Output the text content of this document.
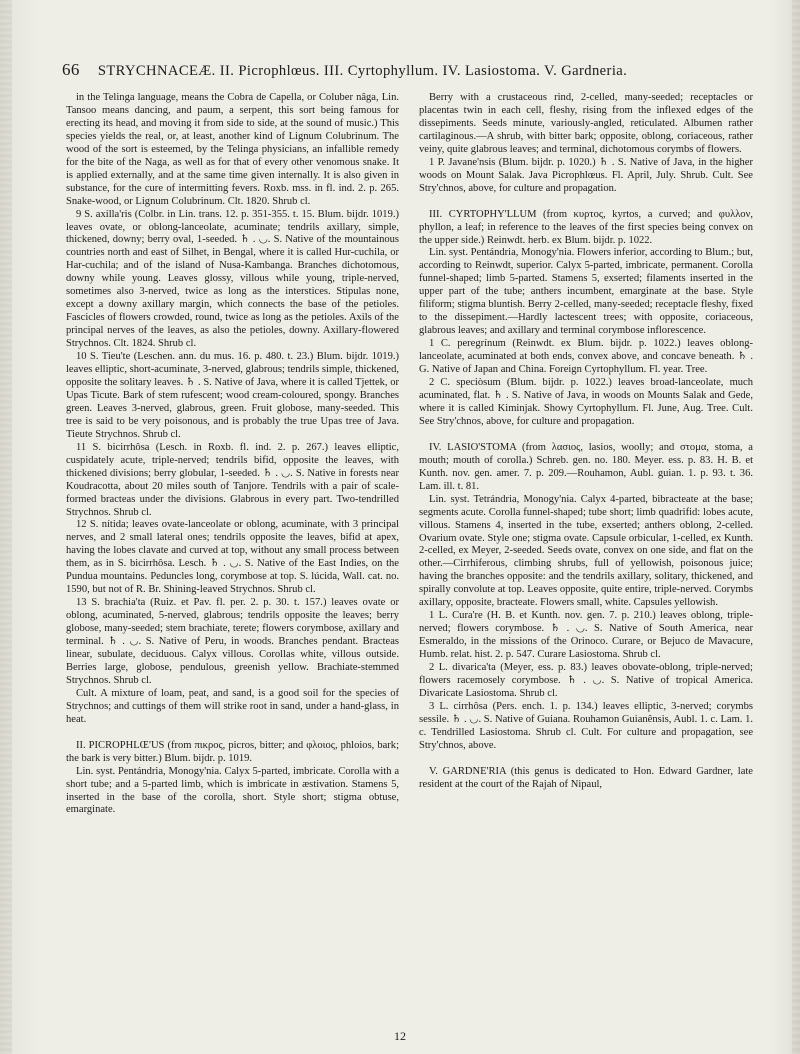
66 STRYCHNACEÆ. II. Picrophlœus. III. Cyrtophyllum. IV. Lasiostoma. V. Gardneria.

in the Telinga language, means the Cobra de Capella, or Coluber nâga, Lin. Tansoo means dancing, and paum, a serpent, this sort being famous for erecting its head, and moving it from side to side, at the sound of music.) This species yields the real, or, at least, another kind of Lignum Colubrinum. The wood of the sort is esteemed, by the Telinga physicians, an infallible remedy for the bite of the Naga, as well as for that of every other venomous snake. It is applied externally, and at the same time given internally. It is also given in substance, for the cure of intermitting fevers. Roxb. mss. in fl. ind. 2. p. 265. Snake-wood, or Lignum Colubrinum. Clt. 1820. Shrub cl.

9 S. axilla'ris (Colbr. in Lin. trans. 12. p. 351-355. t. 15. Blum. bijdr. 1019.) leaves ovate, or oblong-lanceolate, acuminate; tendrils axillary, simple, thickened, downy; berry oval, 1-seeded. ♄ . ◡. S. Native of the mountainous countries north and east of Silhet, in Bengal, where it is called Hur-cuchila, or Har-cuchila; and of the island of Nusa-Kambanga. Branches dichotomous, downy while young. Leaves glossy, villous while young, triple-nerved, sometimes also 3-nerved, twice as long as the interstices. Stipulas none, except a downy axillary margin, which connects the base of the petioles. Fascicles of flowers crowded, round, twice as long as the petioles. Axils of the principal nerves of the leaves, as also the petioles, downy. Axillary-flowered Strychnos. Clt. 1824. Shrub cl.

10 S. Tieu'te (Leschen. ann. du mus. 16. p. 480. t. 23.) Blum. bijdr. 1019.) leaves elliptic, short-acuminate, 3-nerved, glabrous; tendrils simple, thickened, opposite the solitary leaves. ♄ . S. Native of Java, where it is called Tjettek, or Upas Ticute. Bark of stem rufescent; wood cream-coloured, spongy. Branches green. Leaves 3-nerved, glabrous, green. Fruit globose, many-seeded. This tree is said to be very poisonous, and is probably the true Upas tree of Java. Tieute Strychnos. Shrub cl.

11 S. bicirrhôsa (Lesch. in Roxb. fl. ind. 2. p. 267.) leaves elliptic, cuspidately acute, triple-nerved; tendrils bifid, opposite the leaves, with thickened divisions; berry globular, 1-seeded. ♄ . ◡. S. Native in forests near Koudracotta, about 20 miles south of Tanjore. Tendrils with a pair of scale-formed bracteas under the divisions. Glabrous in every part. Two-tendrilled Strychnos. Shrub cl.

12 S. nítida; leaves ovate-lanceolate or oblong, acuminate, with 3 principal nerves, and 2 small lateral ones; tendrils opposite the leaves, bifid at apex, having the lobes clavate and curved at top, without any small process between them, as in S. bicirrhôsa. Lesch. ♄ . ◡. S. Native of the East Indies, on the Pundua mountains. Peduncles long, corymbose at top. S. lúcida, Wall. cat. no. 1590, but not of R. Br. Shining-leaved Strychnos. Shrub cl.

13 S. brachia'ta (Ruiz. et Pav. fl. per. 2. p. 30. t. 157.) leaves ovate or oblong, acuminated, 5-nerved, glabrous; tendrils opposite the leaves; berry globose, many-seeded; stem brachiate, terete; flowers corymbose, axillary and terminal. ♄ . ◡. S. Native of Peru, in woods. Branches pendant. Bracteas linear, subulate, deciduous. Calyx villous. Corollas white, villous outside. Berries large, globose, pendulous, greenish yellow. Brachiate-stemmed Strychnos. Shrub cl.

Cult. A mixture of loam, peat, and sand, is a good soil for the species of Strychnos; and cuttings of them will strike root in sand, under a hand-glass, in heat.

II. PICROPHLŒ'US (from πικρος, picros, bitter; and φλοιος, phloios, bark; the bark is very bitter.) Blum. bijdr. p. 1019.

Lin. syst. Pentándria, Monogy'nia. Calyx 5-parted, imbricate. Corolla with a short tube; and a 5-parted limb, which is imbricate in æstivation. Stamens 5, inserted in the base of the corolla, short. Style short; stigma obtuse, emarginate.

Berry with a crustaceous rind, 2-celled, many-seeded; receptacles or placentas twin in each cell, fleshy, rising from the inflexed edges of the dissepiments. Seeds minute, variously-angled, reticulated. Albumen rather cartilaginous.—A shrub, with bitter bark; opposite, oblong, coriaceous, rather veiny, quite glabrous leaves; and terminal, dichotomous corymbs of flowers.

1 P. Javane'nsis (Blum. bijdr. p. 1020.) ♄ . S. Native of Java, in the higher woods on Mount Salak. Java Picrophlœus. Fl. April, July. Shrub. Cult. See Stry'chnos, above, for culture and propagation.

III. CYRTOPHY'LLUM (from κυρτος, kyrtos, a curved; and φυλλον, phyllon, a leaf; in reference to the leaves of the first species being convex on the upper side.) Reinwdt. herb. ex Blum. bijdr. p. 1022.

Lin. syst. Pentándria, Monogy'nia. Flowers inferior, according to Blum.; but, according to Reinwdt, superior. Calyx 5-parted, imbricate, permanent. Corolla funnel-shaped; limb 5-parted. Stamens 5, exserted; filaments inserted in the upper part of the tube; anthers incumbent, emarginate at the base. Style filiform; stigma bluntish. Berry 2-celled, many-seeded; receptacle fleshy, fixed to the dissepiment.—Hardly lactescent trees; with opposite, coriaceous, glabrous leaves; and axillary and terminal corymbose inflorescence.

1 C. peregrínum (Reinwdt. ex Blum. bijdr. p. 1022.) leaves oblong-lanceolate, acuminated at both ends, convex above, and concave beneath. ♄ . G. Native of Japan and China. Foreign Cyrtophyllum. Fl. year. Tree.

2 C. speciòsum (Blum. bijdr. p. 1022.) leaves broad-lanceolate, much acuminated, flat. ♄ . S. Native of Java, in woods on Mounts Salak and Gede, where it is called Kiminjak. Showy Cyrtophyllum. Fl. June, Aug. Tree. Cult. See Stry'chnos, above, for culture and propagation.

IV. LASIO'STOMA (from λασιος, lasios, woolly; and στομα, stoma, a mouth; mouth of corolla.) Schreb. gen. no. 180. Meyer. ess. p. 83. H. B. et Kunth. nov. gen. amer. 7. p. 209.—Rouhamon, Aubl. guian. 1. p. 93. t. 36. Lam. ill. t. 81.

Lin. syst. Tetrándria, Monogy'nia. Calyx 4-parted, bibracteate at the base; segments acute. Corolla funnel-shaped; tube short; limb quadrifid: lobes acute, villous. Stamens 4, inserted in the tube, exserted; anthers oblong, 2-celled. Ovarium ovate. Style one; stigma ovate. Capsule orbicular, 1-celled, ex Kunth. 2-celled, ex Meyer, 2-seeded. Seeds ovate, convex on one side, and flat on the other.—Cirrhiferous, climbing shrubs, full of yellowish, poisonous juice; having the branches opposite: and the tendrils axillary, solitary, thickened, and spirally convolute at top. Leaves opposite, quite entire, triple-nerved. Corymbs axillary, opposite, bracteate. Flowers small, white. Capsules yellowish.

1 L. Cura're (H. B. et Kunth. nov. gen. 7. p. 210.) leaves oblong, triple-nerved; flowers corymbose. ♄ . ◡. S. Native of South America, near Esmeraldo, in the missions of the Orinoco. Curare, or Bejuco de Mavacure, Humb. relat. hist. 2. p. 547. Curare Lasiostoma. Shrub cl.

2 L. divarica'ta (Meyer, ess. p. 83.) leaves obovate-oblong, triple-nerved; flowers racemosely corymbose. ♄ . ◡. S. Native of tropical America. Divaricate Lasiostoma. Shrub cl.

3 L. cirrhôsa (Pers. ench. 1. p. 134.) leaves elliptic, 3-nerved; corymbs sessile. ♄ . ◡. S. Native of Guiana. Rouhamon Guianênsis, Aubl. 1. c. Lam. 1. c. Tendrilled Lasiostoma. Shrub cl. Cult. For culture and propagation, see Stry'chnos, above.

V. GARDNE'RIA (this genus is dedicated to Hon. Edward Gardner, late resident at the court of the Rajah of Nipaul,

12
